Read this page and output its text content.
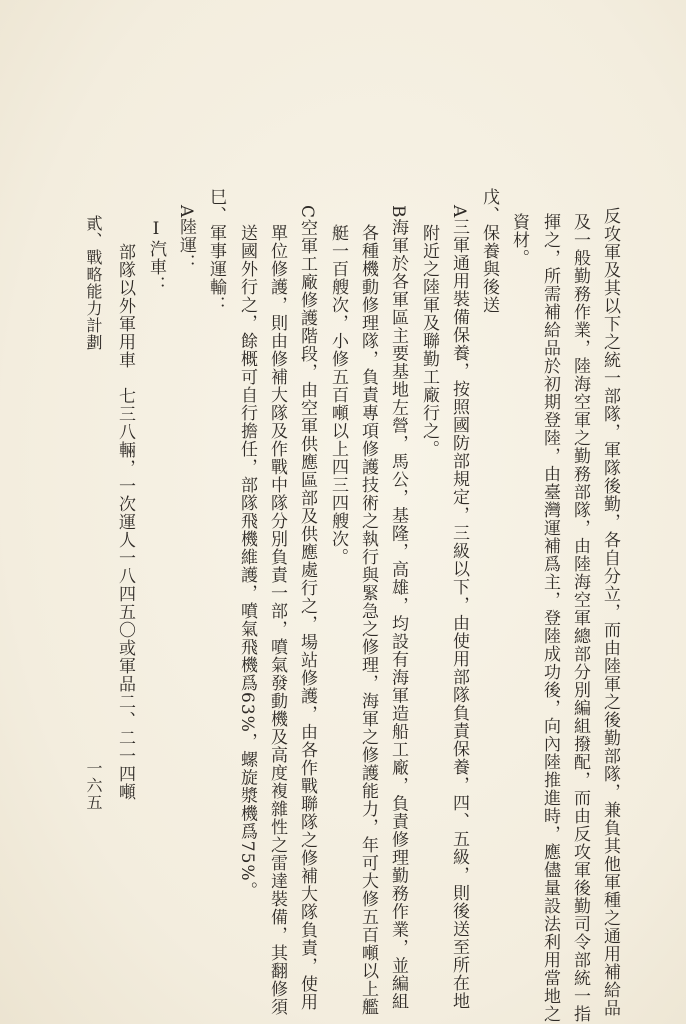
反攻軍及其以下之統一部隊，軍隊後勤，各自分立，而由陸軍之後勤部隊，兼負其他軍種之通用補給品
及一般勤務作業，陸海空軍之勤務部隊，由陸海空軍總部分別編組撥配，而由反攻軍後勤司令部統一指
揮之，所需補給品於初期登陸，由臺灣運補爲主，登陸成功後，向內陸推進時，應儘量設法利用當地之
資材。
戊、保養與後送
A三軍通用裝備保養，按照國防部規定，三級以下，由使用部隊負責保養，四、五級，則後送至所在地
附近之陸軍及聯勤工廠行之。
B海軍於各軍區主要基地左營，馬公，基隆，高雄，均設有海軍造船工廠，負責修理勤務作業，並編組
各種機動修理隊，負責專項修護技術之執行與緊急之修理，海軍之修護能力，年可大修五百噸以上艦
艇一百艘次，小修五百噸以上四三四艘次。
C空軍工廠修護階段，由空軍供應區部及供應處行之，場站修護，由各作戰聯隊之修補大隊負責，使用
單位修護，則由修補大隊及作戰中隊分別負責一部，噴氣發動機及高度複雜性之雷達裝備，其翻修須
送國外行之，餘概可自行擔任，部隊飛機維護，噴氣飛機爲63%，螺旋漿機爲75%。
巳、軍事運輸：
A陸運：
Ⅰ汽車：
部隊以外軍用車　七三八輛，一次運人一八四五〇或軍品二、二一四噸
一六五
貳、戰略能力計劃
